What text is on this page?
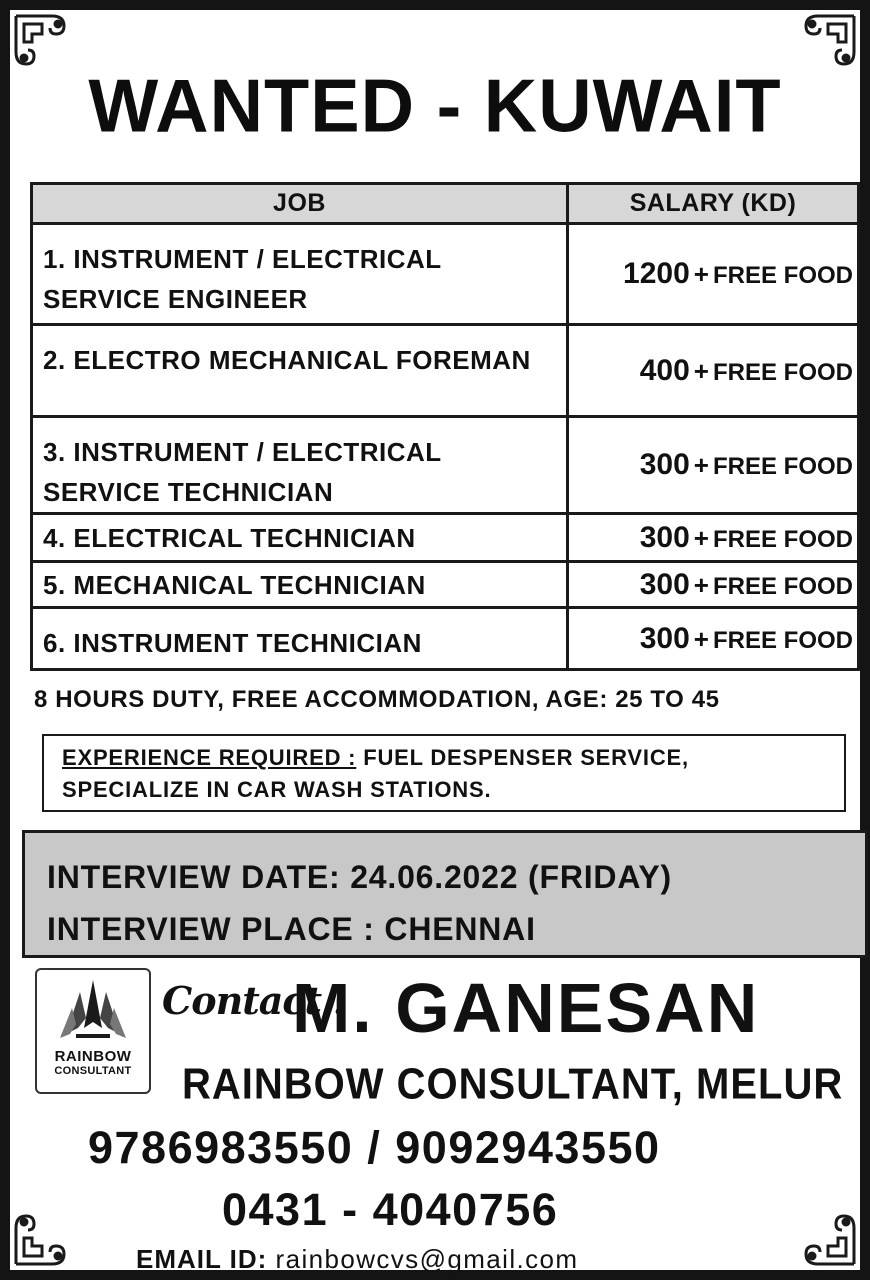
WANTED - KUWAIT
JOB	SALARY (KD)
1. INSTRUMENT / ELECTRICAL SERVICE ENGINEER	1200 + FREE FOOD
2. ELECTRO MECHANICAL FOREMAN	400 + FREE FOOD
3. INSTRUMENT / ELECTRICAL SERVICE TECHNICIAN	300 + FREE FOOD
4. ELECTRICAL TECHNICIAN	300 + FREE FOOD
5. MECHANICAL TECHNICIAN	300 + FREE FOOD
6. INSTRUMENT TECHNICIAN	300 + FREE FOOD
8 HOURS DUTY, FREE ACCOMMODATION, AGE: 25 TO 45
EXPERIENCE REQUIRED : FUEL DESPENSER SERVICE,
SPECIALIZE IN CAR WASH STATIONS.
INTERVIEW DATE: 24.06.2022 (FRIDAY)
INTERVIEW PLACE : CHENNAI
RAINBOW
CONSULTANT
Contact :
M. GANESAN
RAINBOW CONSULTANT, MELUR
9786983550 / 9092943550
0431 - 4040756
EMAIL ID: rainbowcvs@gmail.com
